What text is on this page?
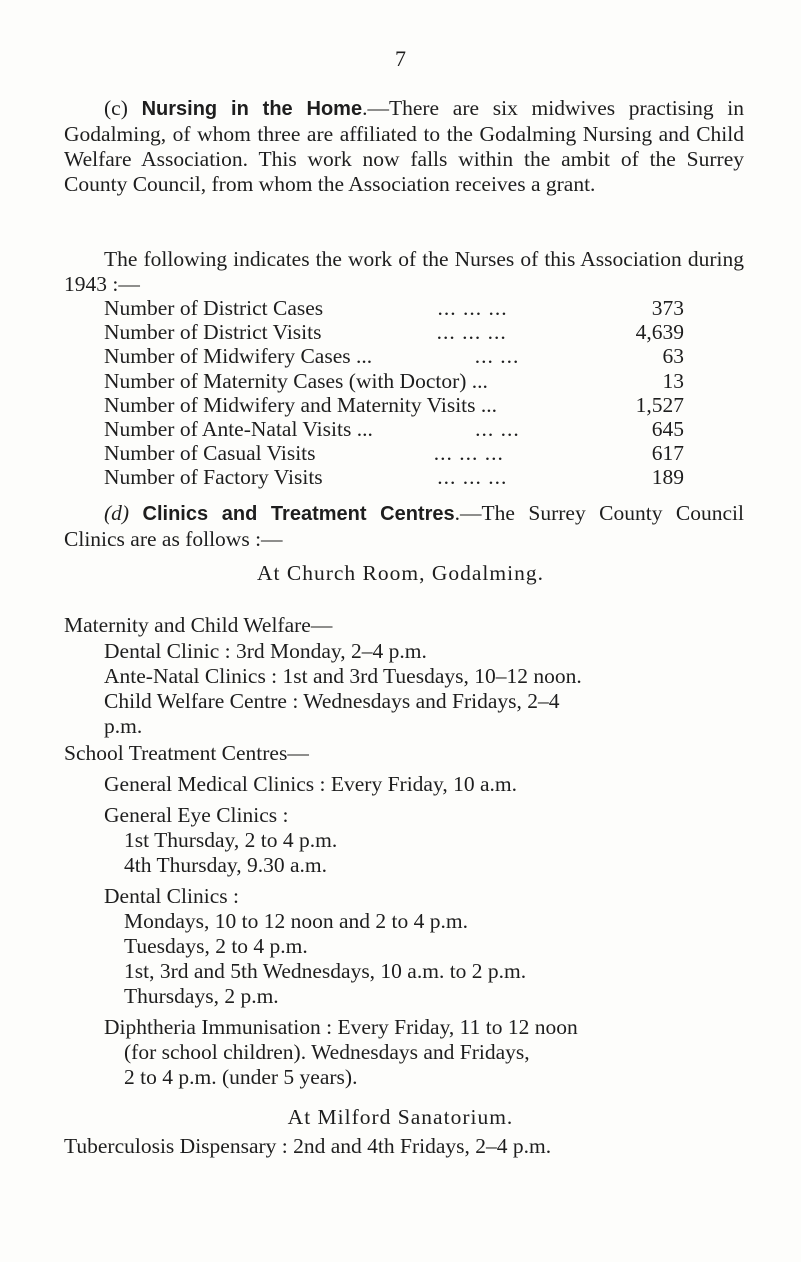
7
(c) Nursing in the Home.—There are six midwives practising in Godalming, of whom three are affiliated to the Godalming Nursing and Child Welfare Association. This work now falls within the ambit of the Surrey County Council, from whom the Association receives a grant.
The following indicates the work of the Nurses of this Association during 1943 :—
Number of District Cases	... ... ...	373
Number of District Visits	... ... ...	4,639
Number of Midwifery Cases ...	... ...	63
Number of Maternity Cases (with Doctor) ...	13
Number of Midwifery and Maternity Visits ...	1,527
Number of Ante-Natal Visits ...	... ...	645
Number of Casual Visits	... ... ...	617
Number of Factory Visits	... ... ...	189
(d) Clinics and Treatment Centres.—The Surrey County Council Clinics are as follows :—
At Church Room, Godalming.
Maternity and Child Welfare—
Dental Clinic : 3rd Monday, 2–4 p.m.
Ante-Natal Clinics : 1st and 3rd Tuesdays, 10–12 noon.
Child Welfare Centre : Wednesdays and Fridays, 2–4
p.m.
School Treatment Centres—
General Medical Clinics : Every Friday, 10 a.m.
General Eye Clinics :
1st Thursday, 2 to 4 p.m.
4th Thursday, 9.30 a.m.
Dental Clinics :
Mondays, 10 to 12 noon and 2 to 4 p.m.
Tuesdays, 2 to 4 p.m.
1st, 3rd and 5th Wednesdays, 10 a.m. to 2 p.m.
Thursdays, 2 p.m.
Diphtheria Immunisation : Every Friday, 11 to 12 noon
(for school children). Wednesdays and Fridays,
2 to 4 p.m. (under 5 years).
At Milford Sanatorium.
Tuberculosis Dispensary : 2nd and 4th Fridays, 2–4 p.m.
